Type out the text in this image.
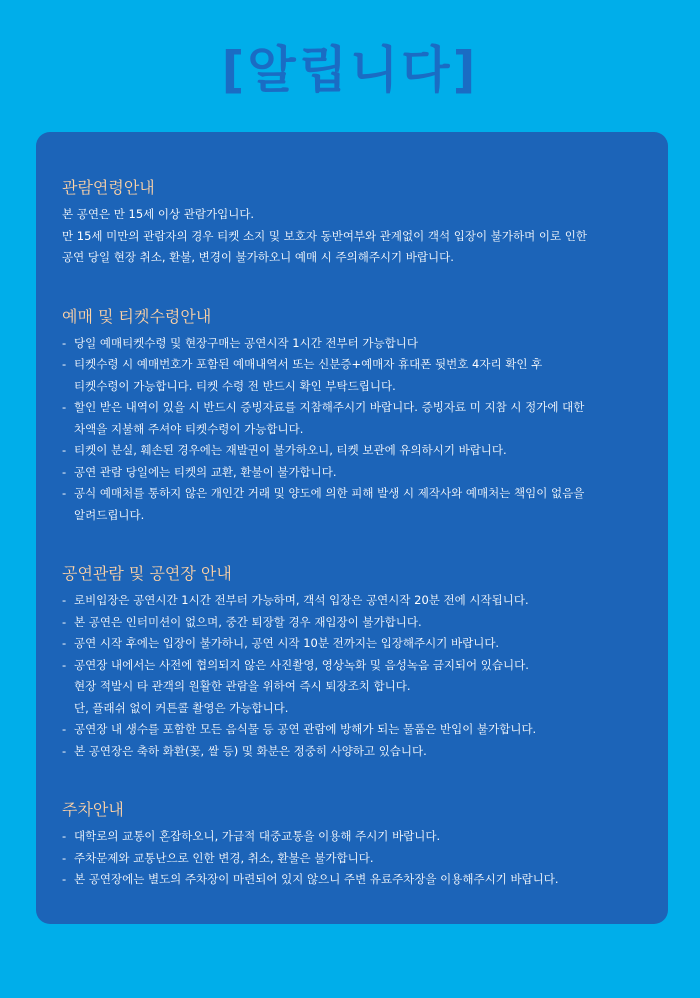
[알립니다]
관람연령안내

본 공연은 만 15세 이상 관람가입니다.

만 15세 미만의 관람자의 경우 티켓 소지 및 보호자 동반여부와 관계없이 객석 입장이 불가하며 이로 인한

공연 당일 현장 취소, 환불, 변경이 불가하오니 예매 시 주의해주시기 바랍니다.

예매 및 티켓수령안내
- 당일 예매티켓수령 및 현장구매는 공연시작 1시간 전부터 가능합니다
- 티켓수령 시 예매번호가 포함된 예매내역서 또는 신분증+예매자 휴대폰 뒷번호 4자리 확인 후
티켓수령이 가능합니다. 티켓 수령 전 반드시 확인 부탁드립니다.
- 할인 받은 내역이 있을 시 반드시 증빙자료를 지참해주시기 바랍니다. 증빙자료 미 지참 시 정가에 대한
차액을 지불해 주셔야 티켓수령이 가능합니다.
- 티켓이 분실, 훼손된 경우에는 재발권이 불가하오니, 티켓 보관에 유의하시기 바랍니다.
- 공연 관람 당일에는 티켓의 교환, 환불이 불가합니다.
- 공식 예매처를 통하지 않은 개인간 거래 및 양도에 의한 피해 발생 시 제작사와 예매처는 책임이 없음을
알려드립니다.
공연관람 및 공연장 안내
- 로비입장은 공연시간 1시간 전부터 가능하며, 객석 입장은 공연시작 20분 전에 시작됩니다.
- 본 공연은 인터미션이 없으며, 중간 퇴장할 경우 재입장이 불가합니다.
- 공연 시작 후에는 입장이 불가하니, 공연 시작 10분 전까지는 입장해주시기 바랍니다.
- 공연장 내에서는 사전에 협의되지 않은 사진촬영, 영상녹화 및 음성녹음 금지되어 있습니다.
현장 적발시 타 관객의 원활한 관람을 위하여 즉시 퇴장조치 합니다.
단, 플래쉬 없이 커튼콜 촬영은 가능합니다.
- 공연장 내 생수를 포함한 모든 음식물 등 공연 관람에 방해가 되는 물품은 반입이 불가합니다.
- 본 공연장은 축하 화환(꽃, 쌀 등) 및 화분은 정중히 사양하고 있습니다.
주차안내
- 대학로의 교통이 혼잡하오니, 가급적 대중교통을 이용해 주시기 바랍니다.
- 주차문제와 교통난으로 인한 변경, 취소, 환불은 불가합니다.
- 본 공연장에는 별도의 주차장이 마련되어 있지 않으니 주변 유료주차장을 이용해주시기 바랍니다.
